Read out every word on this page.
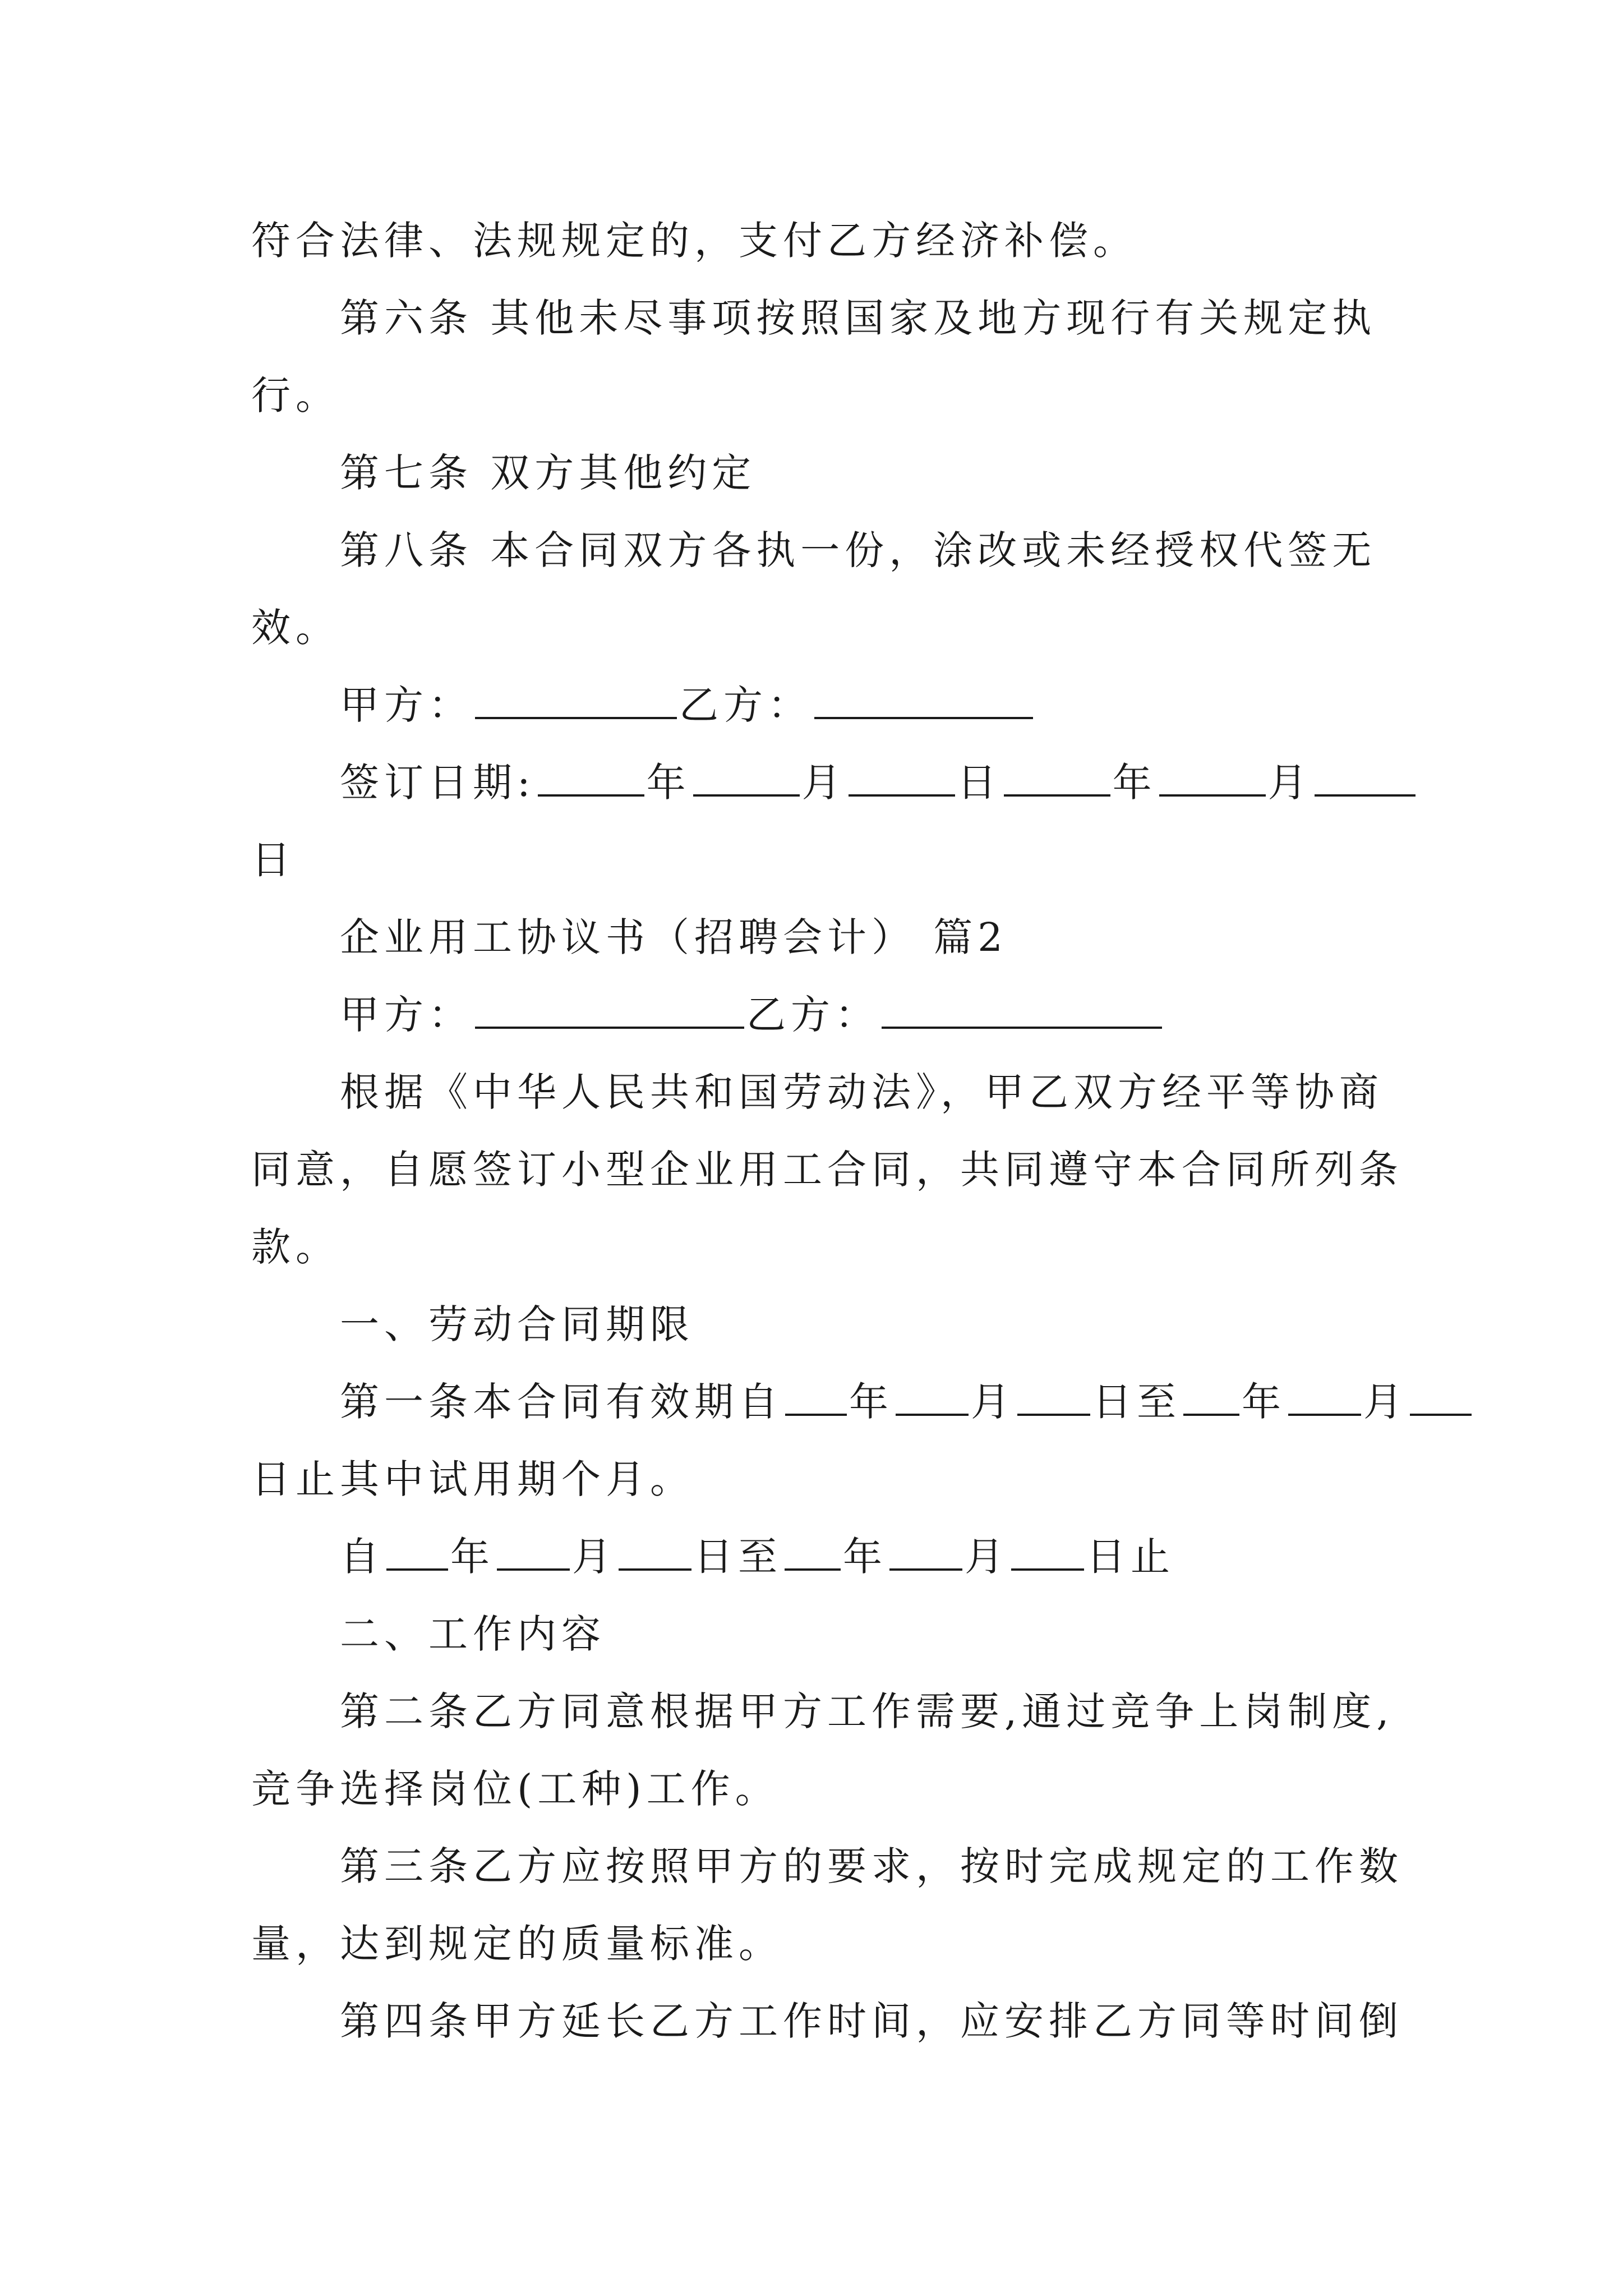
符合法律、法规规定的，支付乙方经济补偿。
第六条 其他未尽事项按照国家及地方现行有关规定执
行。
第七条 双方其他约定
第八条 本合同双方各执一份，涂改或未经授权代签无
效。
甲方：	乙方：
签订日期:	年	月	日	年	月
日
企业用工协议书（招聘会计） 篇2
甲方：	乙方：
根据《中华人民共和国劳动法》，甲乙双方经平等协商
同意，自愿签订小型企业用工合同，共同遵守本合同所列条
款。
一、劳动合同期限
第一条本合同有效期自 年 月 日至 年 月
日止其中试用期个月。
自 年 月 日至 年 月 日止
二、工作内容
第二条乙方同意根据甲方工作需要,通过竞争上岗制度,
竞争选择岗位(工种)工作。
第三条乙方应按照甲方的要求，按时完成规定的工作数
量，达到规定的质量标准。
第四条甲方延长乙方工作时间，应安排乙方同等时间倒
